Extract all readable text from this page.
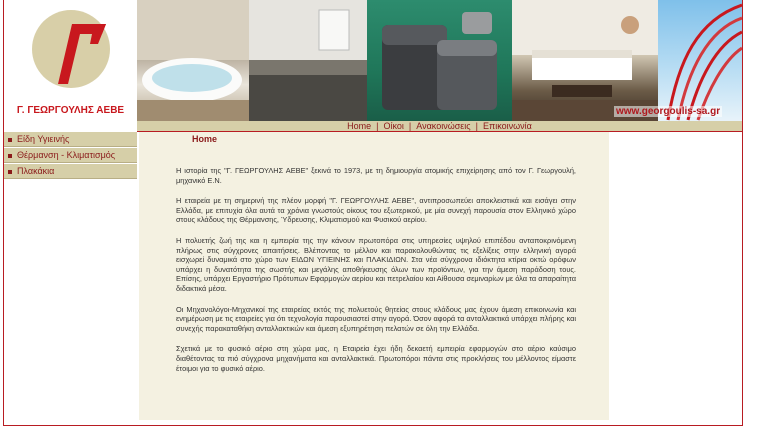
Γ. ΓΕΩΡΓΟΥΛΗΣ ΑΕΒΕ	www.georgoulis-sa.gr
Home | Οίκοι | Ανακοινώσεις | Επικοινωνία
Είδη Υγιεινής
Θέρμανση - Κλιματισμός
Πλακάκια
Home

Η ιστορία της "Γ. ΓΕΩΡΓΟΥΛΗΣ ΑΕΒΕ" ξεκινά το 1973, με τη δημιουργία ατομικής επιχείρησης από τον Γ. Γεωργουλή, μηχανικό Ε.Ν.

Η εταιρεία με τη σημερινή της πλέον μορφή "Γ. ΓΕΩΡΓΟΥΛΗΣ ΑΕΒΕ", αντιπροσωπεύει αποκλειστικά και εισάγει στην Ελλάδα, με επιτυχία όλα αυτά τα χρόνια γνωστούς οίκους του εξωτερικού, με μία συνεχή παρουσία στον Ελληνικό χώρο στους κλάδους της Θέρμανσης, Ύδρευσης, Κλιματισμού και Φυσικού αερίου.

Η πολυετής ζωή της και η εμπειρία της την κάνουν πρωτοπόρα στις υπηρεσίες υψηλού επιπέδου ανταποκρινόμενη πλήρως στις σύγχρονες απαιτήσεις. Βλέποντας το μέλλον και παρακολουθώντας τις εξελίξεις στην ελληνική αγορά εισχωρεί δυναμικά στο χώρο των ΕΙΔΩΝ ΥΓΙΕΙΝΗΣ και ΠΛΑΚΙΔΙΩΝ. Στα νέα σύγχρονα ιδιόκτητα κτίρια οκτώ ορόφων υπάρχει η δυνατότητα της σωστής και μεγάλης αποθήκευσης όλων των προϊόντων, για την άμεση παράδοση τους. Επίσης, υπάρχει Εργαστήριο Πρότυπων Εφαρμογών αερίου και πετρελαίου και Αίθουσα σεμιναρίων με όλα τα απαραίτητα διδακτικά μέσα.

Οι Μηχανολόγοι-Μηχανικοί της εταιρείας εκτός της πολυετούς θητείας στους κλάδους μας έχουν άμεση επικοινωνία και ενημέρωση με τις εταιρείες για ότι τεχνολογία παρουσιαστεί στην αγορά. Όσον αφορά τα ανταλλακτικά υπάρχει πλήρης και συνεχής παρακαταθήκη ανταλλακτικών και άμεση εξυπηρέτηση πελατών σε όλη την Ελλάδα.

Σχετικά με το φυσικό αέριο στη χώρα μας, η Εταιρεία έχει ήδη δεκαετή εμπειρία εφαρμογών στο αέριο καύσιμο διαθέτοντας τα πιό σύγχρονα μηχανήματα και ανταλλακτικά. Πρωτοπόροι πάντα στις προκλήσεις του μέλλοντος είμαστε έτοιμοι για το φυσικό αέριο.
